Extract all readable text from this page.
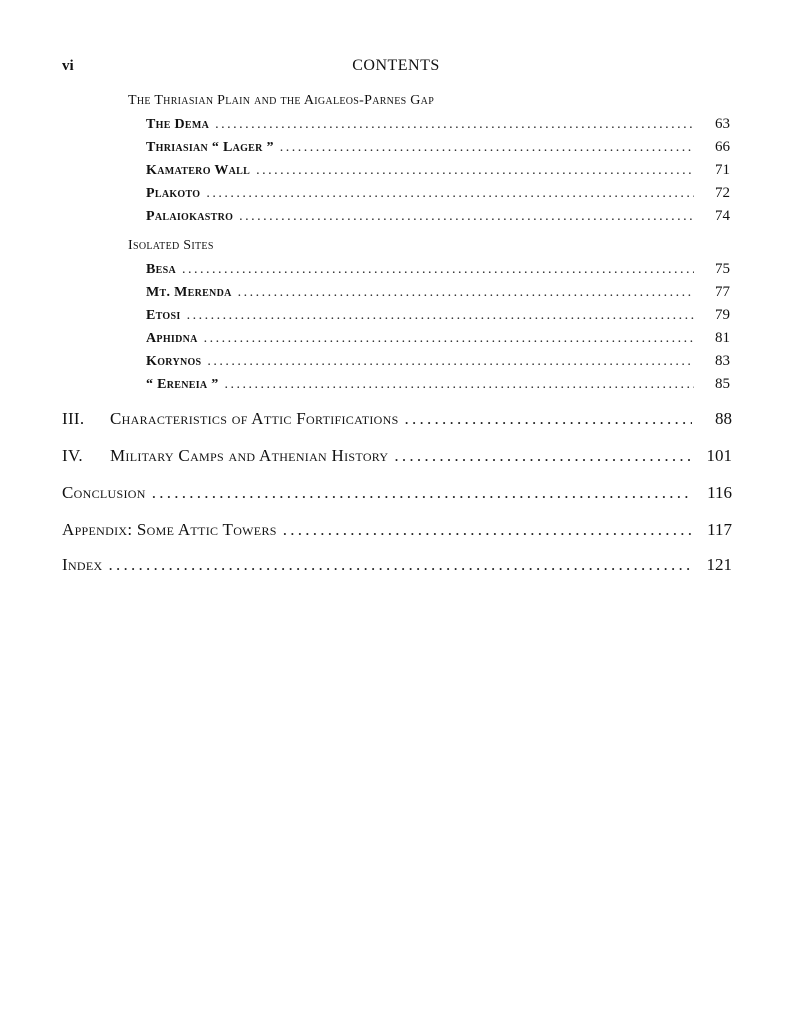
vi	CONTENTS
The Thriasian Plain and the Aigaleos-Parnes Gap
The Dema . . .	63
Thriasian “ Lager ” . . .	66
Kamatero Wall . . .	71
Plakoto . . .	72
Palaiokastro . . .	74
Isolated Sites
Besa . . .	75
Mt. Merenda . . .	77
Etosi . . .	79
Aphidna . . .	81
Korynos . . .	83
“ Ereneia ” . . .	85
III. Characteristics of Attic Fortifications . . .	88
IV. Military Camps and Athenian History . . .	101
Conclusion . . .	116
Appendix: Some Attic Towers . . .	117
Index . . .	121
